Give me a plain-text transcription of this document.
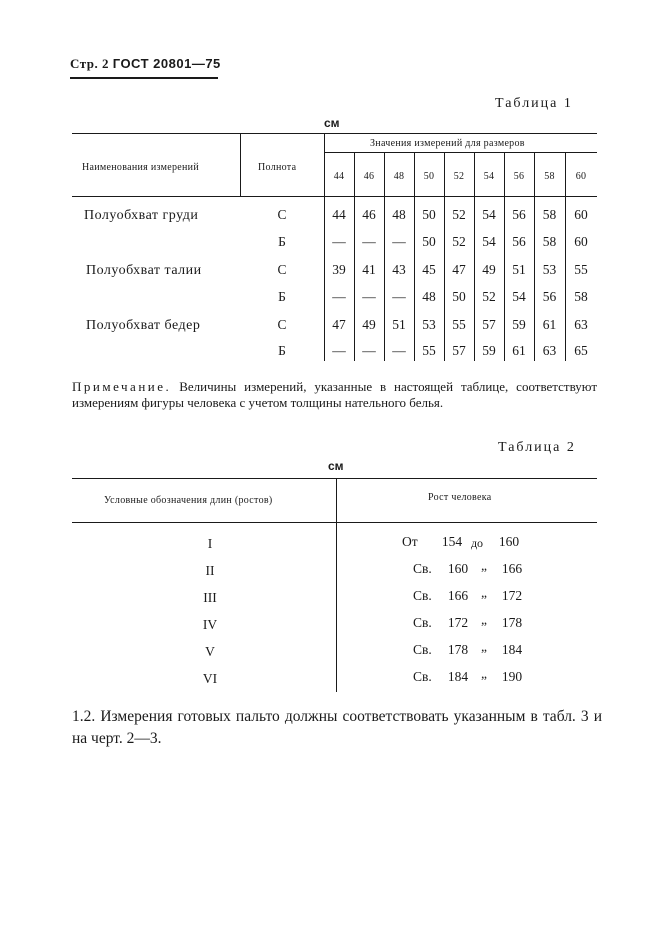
Стр. 2 ГОСТ 20801—75
Таблица 1
см
Наименования измерений	Полнота
Значения измерений для размеров
44	46	48	50	52	54	56	58	60
Полуобхват груди	С	44	46	48	50	52	54	56	58	60
Б	—	—	—	50	52	54	56	58	60
Полуобхват талии	С	39	41	43	45	47	49	51	53	55
Б	—	—	—	48	50	52	54	56	58
Полуобхват бедер	С	47	49	51	53	55	57	59	61	63
Б	—	—	—	55	57	59	61	63	65
Примечание. Величины измерений, указанные в настоящей таблице, соответствуют измерениям фигуры человека с учетом толщины нательного белья.
Таблица 2
см
Условные обозначения длин (ростов)	Рост человека
I	От	154 до	160
II	Св.	160 „	166
III	Св.	166 „	172
IV	Св.	172 „	178
V	Св.	178 „	184
VI	Св.	184 „	190
1.2. Измерения готовых пальто должны соответствовать указанным в табл. 3 и на черт. 2—3.
